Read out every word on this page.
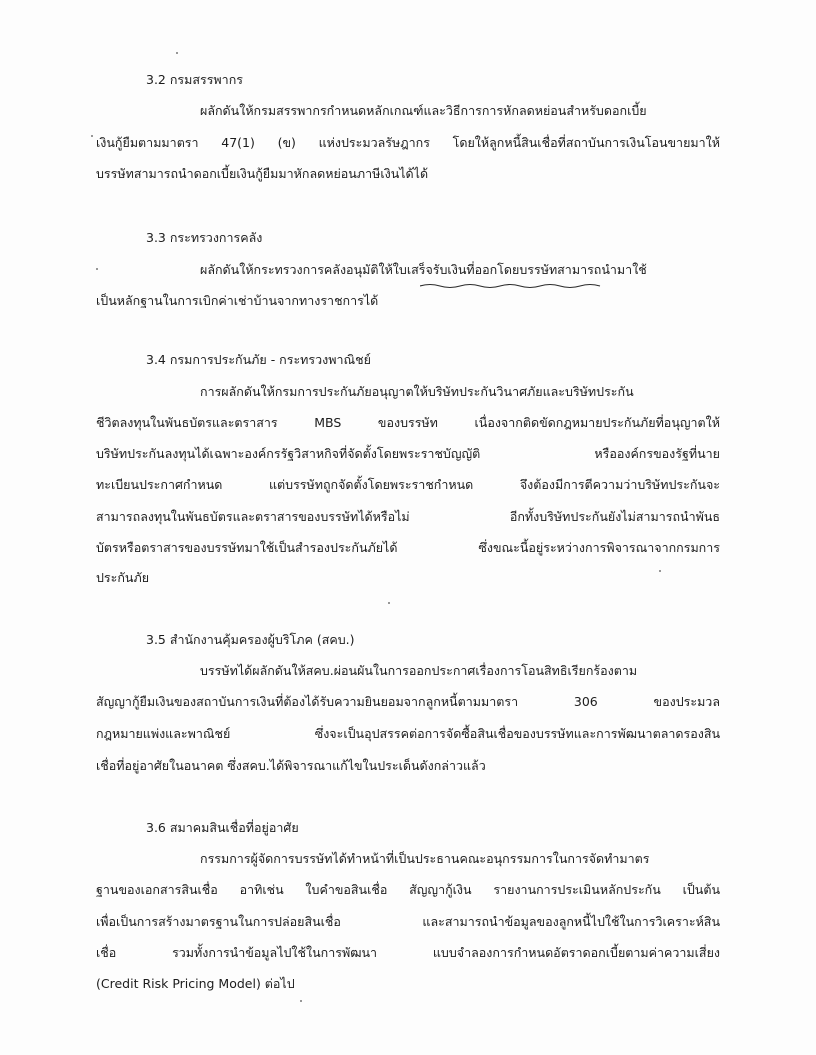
3.2 กรมสรรพากร
ผลักดันให้กรมสรรพากรกำหนดหลักเกณฑ์และวิธีการการหักลดหย่อนสำหรับดอกเบี้ย
เงินกู้ยืมตามมาตรา 47(1) (ข) แห่งประมวลรัษฎากร โดยให้ลูกหนี้สินเชื่อที่สถาบันการเงินโอนขายมาให้
บรรษัทสามารถนำดอกเบี้ยเงินกู้ยืมมาหักลดหย่อนภาษีเงินได้ได้
3.3 กระทรวงการคลัง
ผลักดันให้กระทรวงการคลังอนุมัติให้ใบเสร็จรับเงินที่ออกโดยบรรษัทสามารถนำมาใช้
เป็นหลักฐานในการเบิกค่าเช่าบ้านจากทางราชการได้
3.4 กรมการประกันภัย - กระทรวงพาณิชย์
การผลักดันให้กรมการประกันภัยอนุญาตให้บริษัทประกันวินาศภัยและบริษัทประกัน
ชีวิตลงทุนในพันธบัตรและตราสาร MBS ของบรรษัท เนื่องจากติดขัดกฎหมายประกันภัยที่อนุญาตให้
บริษัทประกันลงทุนได้เฉพาะองค์กรรัฐวิสาหกิจที่จัดตั้งโดยพระราชบัญญัติ หรือองค์กรของรัฐที่นาย
ทะเบียนประกาศกำหนด แต่บรรษัทถูกจัดตั้งโดยพระราชกำหนด จึงต้องมีการตีความว่าบริษัทประกันจะ
สามารถลงทุนในพันธบัตรและตราสารของบรรษัทได้หรือไม่ อีกทั้งบริษัทประกันยังไม่สามารถนำพันธ
บัตรหรือตราสารของบรรษัทมาใช้เป็นสำรองประกันภัยได้ ซึ่งขณะนี้อยู่ระหว่างการพิจารณาจากกรมการ
ประกันภัย
3.5 สำนักงานคุ้มครองผู้บริโภค (สคบ.)
บรรษัทได้ผลักดันให้สคบ.ผ่อนผันในการออกประกาศเรื่องการโอนสิทธิเรียกร้องตาม
สัญญากู้ยืมเงินของสถาบันการเงินที่ต้องได้รับความยินยอมจากลูกหนี้ตามมาตรา 306 ของประมวล
กฎหมายแพ่งและพาณิชย์ ซึ่งจะเป็นอุปสรรคต่อการจัดซื้อสินเชื่อของบรรษัทและการพัฒนาตลาดรองสิน
เชื่อที่อยู่อาศัยในอนาคต ซึ่งสคบ.ได้พิจารณาแก้ไขในประเด็นดังกล่าวแล้ว
3.6 สมาคมสินเชื่อที่อยู่อาศัย
กรรมการผู้จัดการบรรษัทได้ทำหน้าที่เป็นประธานคณะอนุกรรมการในการจัดทำมาตร
ฐานของเอกสารสินเชื่อ อาทิเช่น ใบคำขอสินเชื่อ สัญญากู้เงิน รายงานการประเมินหลักประกัน เป็นต้น
เพื่อเป็นการสร้างมาตรฐานในการปล่อยสินเชื่อ และสามารถนำข้อมูลของลูกหนี้ไปใช้ในการวิเคราะห์สิน
เชื่อ รวมทั้งการนำข้อมูลไปใช้ในการพัฒนา แบบจำลองการกำหนดอัตราดอกเบี้ยตามค่าความเสี่ยง
(Credit Risk Pricing Model) ต่อไป
